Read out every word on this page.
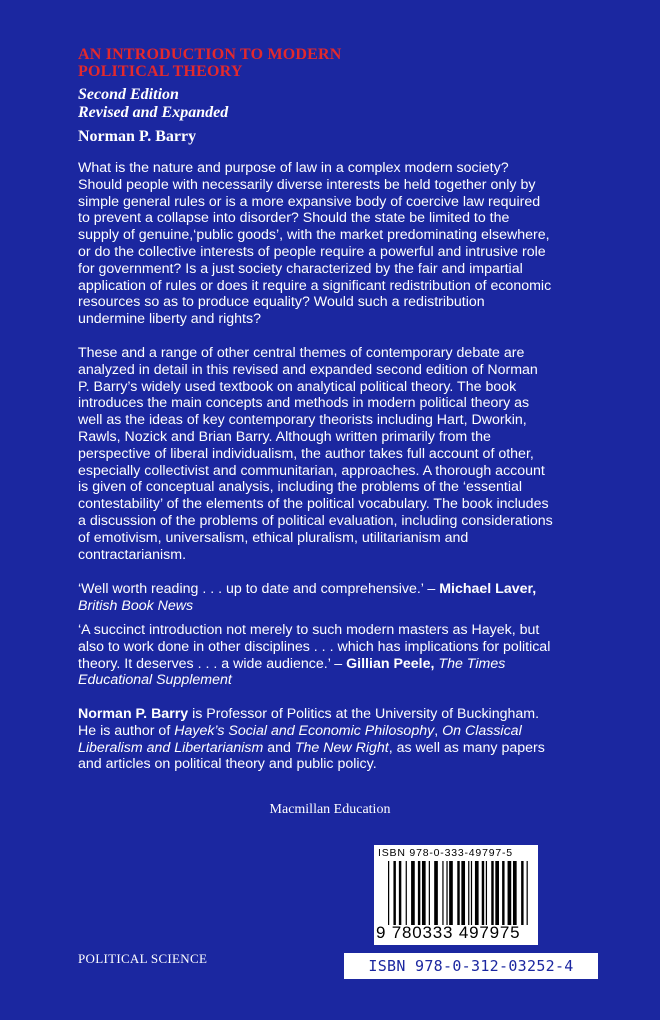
AN INTRODUCTION TO MODERN
POLITICAL THEORY
Second Edition
Revised and Expanded
Norman P. Barry
What is the nature and purpose of law in a complex modern society? Should people with necessarily diverse interests be held together only by simple general rules or is a more expansive body of coercive law required to prevent a collapse into disorder? Should the state be limited to the supply of genuine,‘public goods’, with the market predominating elsewhere, or do the collective interests of people require a powerful and intrusive role for government? Is a just society characterized by the fair and impartial application of rules or does it require a significant redistribution of economic resources so as to produce equality? Would such a redistribution undermine liberty and rights?
These and a range of other central themes of contemporary debate are analyzed in detail in this revised and expanded second edition of Norman P. Barry’s widely used textbook on analytical political theory. The book introduces the main concepts and methods in modern political theory as well as the ideas of key contemporary theorists including Hart, Dworkin, Rawls, Nozick and Brian Barry. Although written primarily from the perspective of liberal individualism, the author takes full account of other, especially collectivist and communitarian, approaches. A thorough account is given of conceptual analysis, including the problems of the ‘essential contestability’ of the elements of the political vocabulary. The book includes a discussion of the problems of political evaluation, including considerations of emotivism, universalism, ethical pluralism, utilitarianism and contractarianism.
‘Well worth reading . . . up to date and comprehensive.’ – Michael Laver, British Book News
‘A succinct introduction not merely to such modern masters as Hayek, but also to work done in other disciplines . . . which has implications for political theory. It deserves . . . a wide audience.’ – Gillian Peele, The Times Educational Supplement
Norman P. Barry is Professor of Politics at the University of Buckingham. He is author of Hayek’s Social and Economic Philosophy, On Classical Liberalism and Libertarianism and The New Right, as well as many papers and articles on political theory and public policy.
Macmillan Education
POLITICAL SCIENCE
ISBN 978-0-333-49797-5
9 780333 497975
ISBN 978-0-312-03252-4
